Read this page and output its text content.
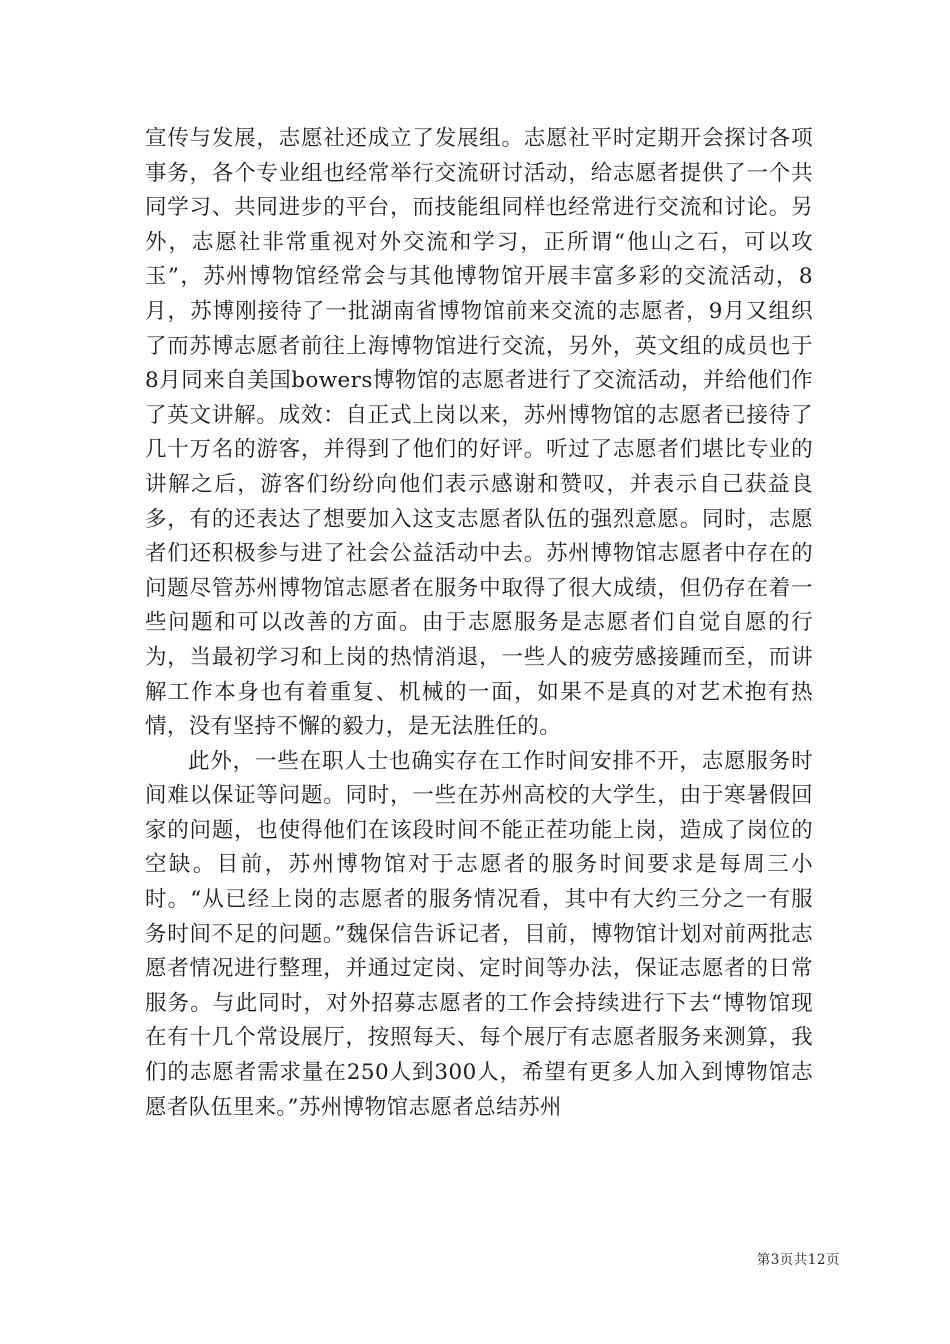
宣传与发展，志愿社还成立了发展组。志愿社平时定期开会探讨各项事务，各个专业组也经常举行交流研讨活动，给志愿者提供了一个共同学习、共同进步的平台，而技能组同样也经常进行交流和讨论。另外，志愿社非常重视对外交流和学习，正所谓“他山之石，可以攻玉”，苏州博物馆经常会与其他博物馆开展丰富多彩的交流活动，8月，苏博刚接待了一批湖南省博物馆前来交流的志愿者，9月又组织了而苏博志愿者前往上海博物馆进行交流，另外，英文组的成员也于8月同来自美国bowers博物馆的志愿者进行了交流活动，并给他们作了英文讲解。成效：自正式上岗以来，苏州博物馆的志愿者已接待了几十万名的游客，并得到了他们的好评。听过了志愿者们堪比专业的讲解之后，游客们纷纷向他们表示感谢和赞叹，并表示自己获益良多，有的还表达了想要加入这支志愿者队伍的强烈意愿。同时，志愿者们还积极参与进了社会公益活动中去。苏州博物馆志愿者中存在的问题尽管苏州博物馆志愿者在服务中取得了很大成绩，但仍存在着一些问题和可以改善的方面。由于志愿服务是志愿者们自觉自愿的行为，当最初学习和上岗的热情消退，一些人的疲劳感接踵而至，而讲解工作本身也有着重复、机械的一面，如果不是真的对艺术抱有热情，没有坚持不懈的毅力，是无法胜任的。

此外，一些在职人士也确实存在工作时间安排不开，志愿服务时间难以保证等问题。同时，一些在苏州高校的大学生，由于寒暑假回家的问题，也使得他们在该段时间不能正茬功能上岗，造成了岗位的空缺。目前，苏州博物馆对于志愿者的服务时间要求是每周三小时。“从已经上岗的志愿者的服务情况看，其中有大约三分之一有服务时间不足的问题。”魏保信告诉记者，目前，博物馆计划对前两批志愿者情况进行整理，并通过定岗、定时间等办法，保证志愿者的日常服务。与此同时，对外招募志愿者的工作会持续进行下去“博物馆现在有十几个常设展厅，按照每天、每个展厅有志愿者服务来测算，我们的志愿者需求量在250人到300人，希望有更多人加入到博物馆志愿者队伍里来。”苏州博物馆志愿者总结苏州

第3页共12页
